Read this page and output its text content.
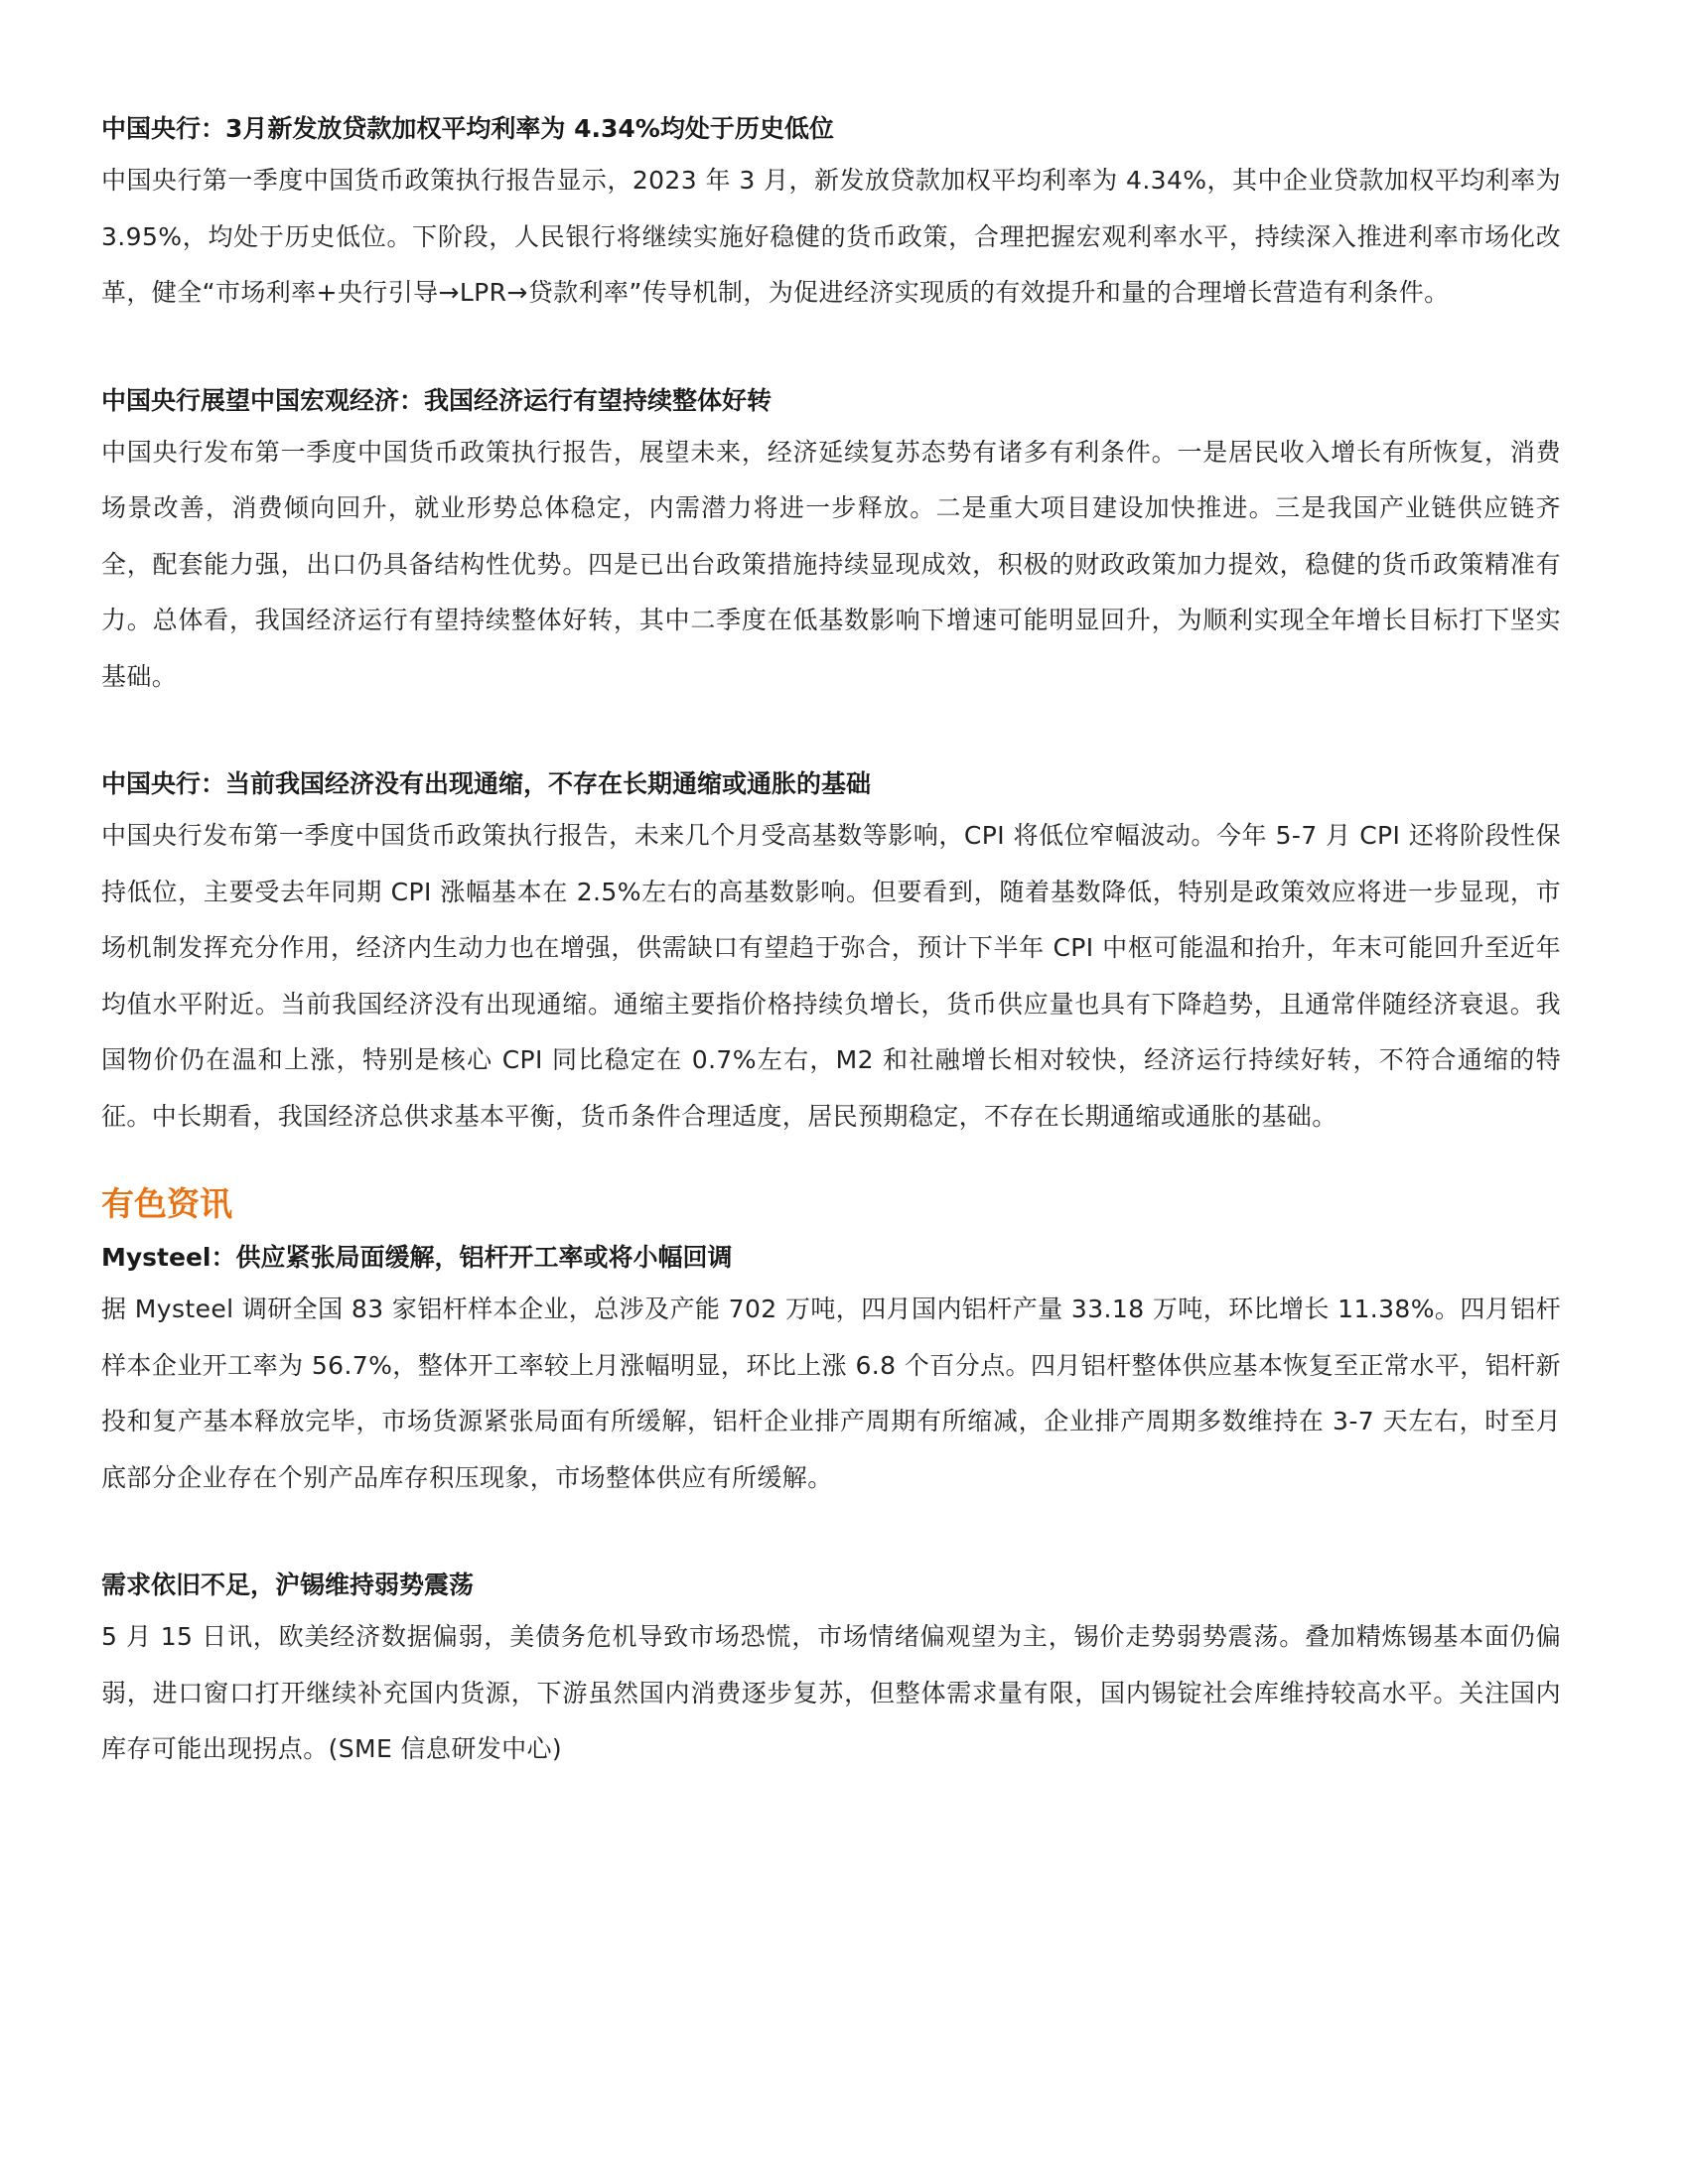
中国央行：3月新发放贷款加权平均利率为 4.34%均处于历史低位

中国央行第一季度中国货币政策执行报告显示，2023 年 3 月，新发放贷款加权平均利率为 4.34%，其中企业贷款加权平均利率为 3.95%，均处于历史低位。下阶段，人民银行将继续实施好稳健的货币政策，合理把握宏观利率水平，持续深入推进利率市场化改革，健全“市场利率+央行引导→LPR→贷款利率”传导机制，为促进经济实现质的有效提升和量的合理增长营造有利条件。

中国央行展望中国宏观经济：我国经济运行有望持续整体好转

中国央行发布第一季度中国货币政策执行报告，展望未来，经济延续复苏态势有诸多有利条件。一是居民收入增长有所恢复，消费场景改善，消费倾向回升，就业形势总体稳定，内需潜力将进一步释放。二是重大项目建设加快推进。三是我国产业链供应链齐全，配套能力强，出口仍具备结构性优势。四是已出台政策措施持续显现成效，积极的财政政策加力提效，稳健的货币政策精准有力。总体看，我国经济运行有望持续整体好转，其中二季度在低基数影响下增速可能明显回升，为顺利实现全年增长目标打下坚实基础。

中国央行：当前我国经济没有出现通缩，不存在长期通缩或通胀的基础

中国央行发布第一季度中国货币政策执行报告，未来几个月受高基数等影响，CPI 将低位窄幅波动。今年 5-7 月 CPI 还将阶段性保持低位，主要受去年同期 CPI 涨幅基本在 2.5%左右的高基数影响。但要看到，随着基数降低，特别是政策效应将进一步显现，市场机制发挥充分作用，经济内生动力也在增强，供需缺口有望趋于弥合，预计下半年 CPI 中枢可能温和抬升，年末可能回升至近年均值水平附近。当前我国经济没有出现通缩。通缩主要指价格持续负增长，货币供应量也具有下降趋势，且通常伴随经济衰退。我国物价仍在温和上涨，特别是核心 CPI 同比稳定在 0.7%左右，M2 和社融增长相对较快，经济运行持续好转，不符合通缩的特征。中长期看，我国经济总供求基本平衡，货币条件合理适度，居民预期稳定，不存在长期通缩或通胀的基础。

有色资讯

Mysteel：供应紧张局面缓解，铝杆开工率或将小幅回调

据 Mysteel 调研全国 83 家铝杆样本企业，总涉及产能 702 万吨，四月国内铝杆产量 33.18 万吨，环比增长 11.38%。四月铝杆样本企业开工率为 56.7%，整体开工率较上月涨幅明显，环比上涨 6.8 个百分点。四月铝杆整体供应基本恢复至正常水平，铝杆新投和复产基本释放完毕，市场货源紧张局面有所缓解，铝杆企业排产周期有所缩减，企业排产周期多数维持在 3-7 天左右，时至月底部分企业存在个别产品库存积压现象，市场整体供应有所缓解。

需求依旧不足，沪锡维持弱势震荡

5 月 15 日讯，欧美经济数据偏弱，美债务危机导致市场恐慌，市场情绪偏观望为主，锡价走势弱势震荡。叠加精炼锡基本面仍偏弱，进口窗口打开继续补充国内货源，下游虽然国内消费逐步复苏，但整体需求量有限，国内锡锭社会库维持较高水平。关注国内库存可能出现拐点。(SME 信息研发中心)
